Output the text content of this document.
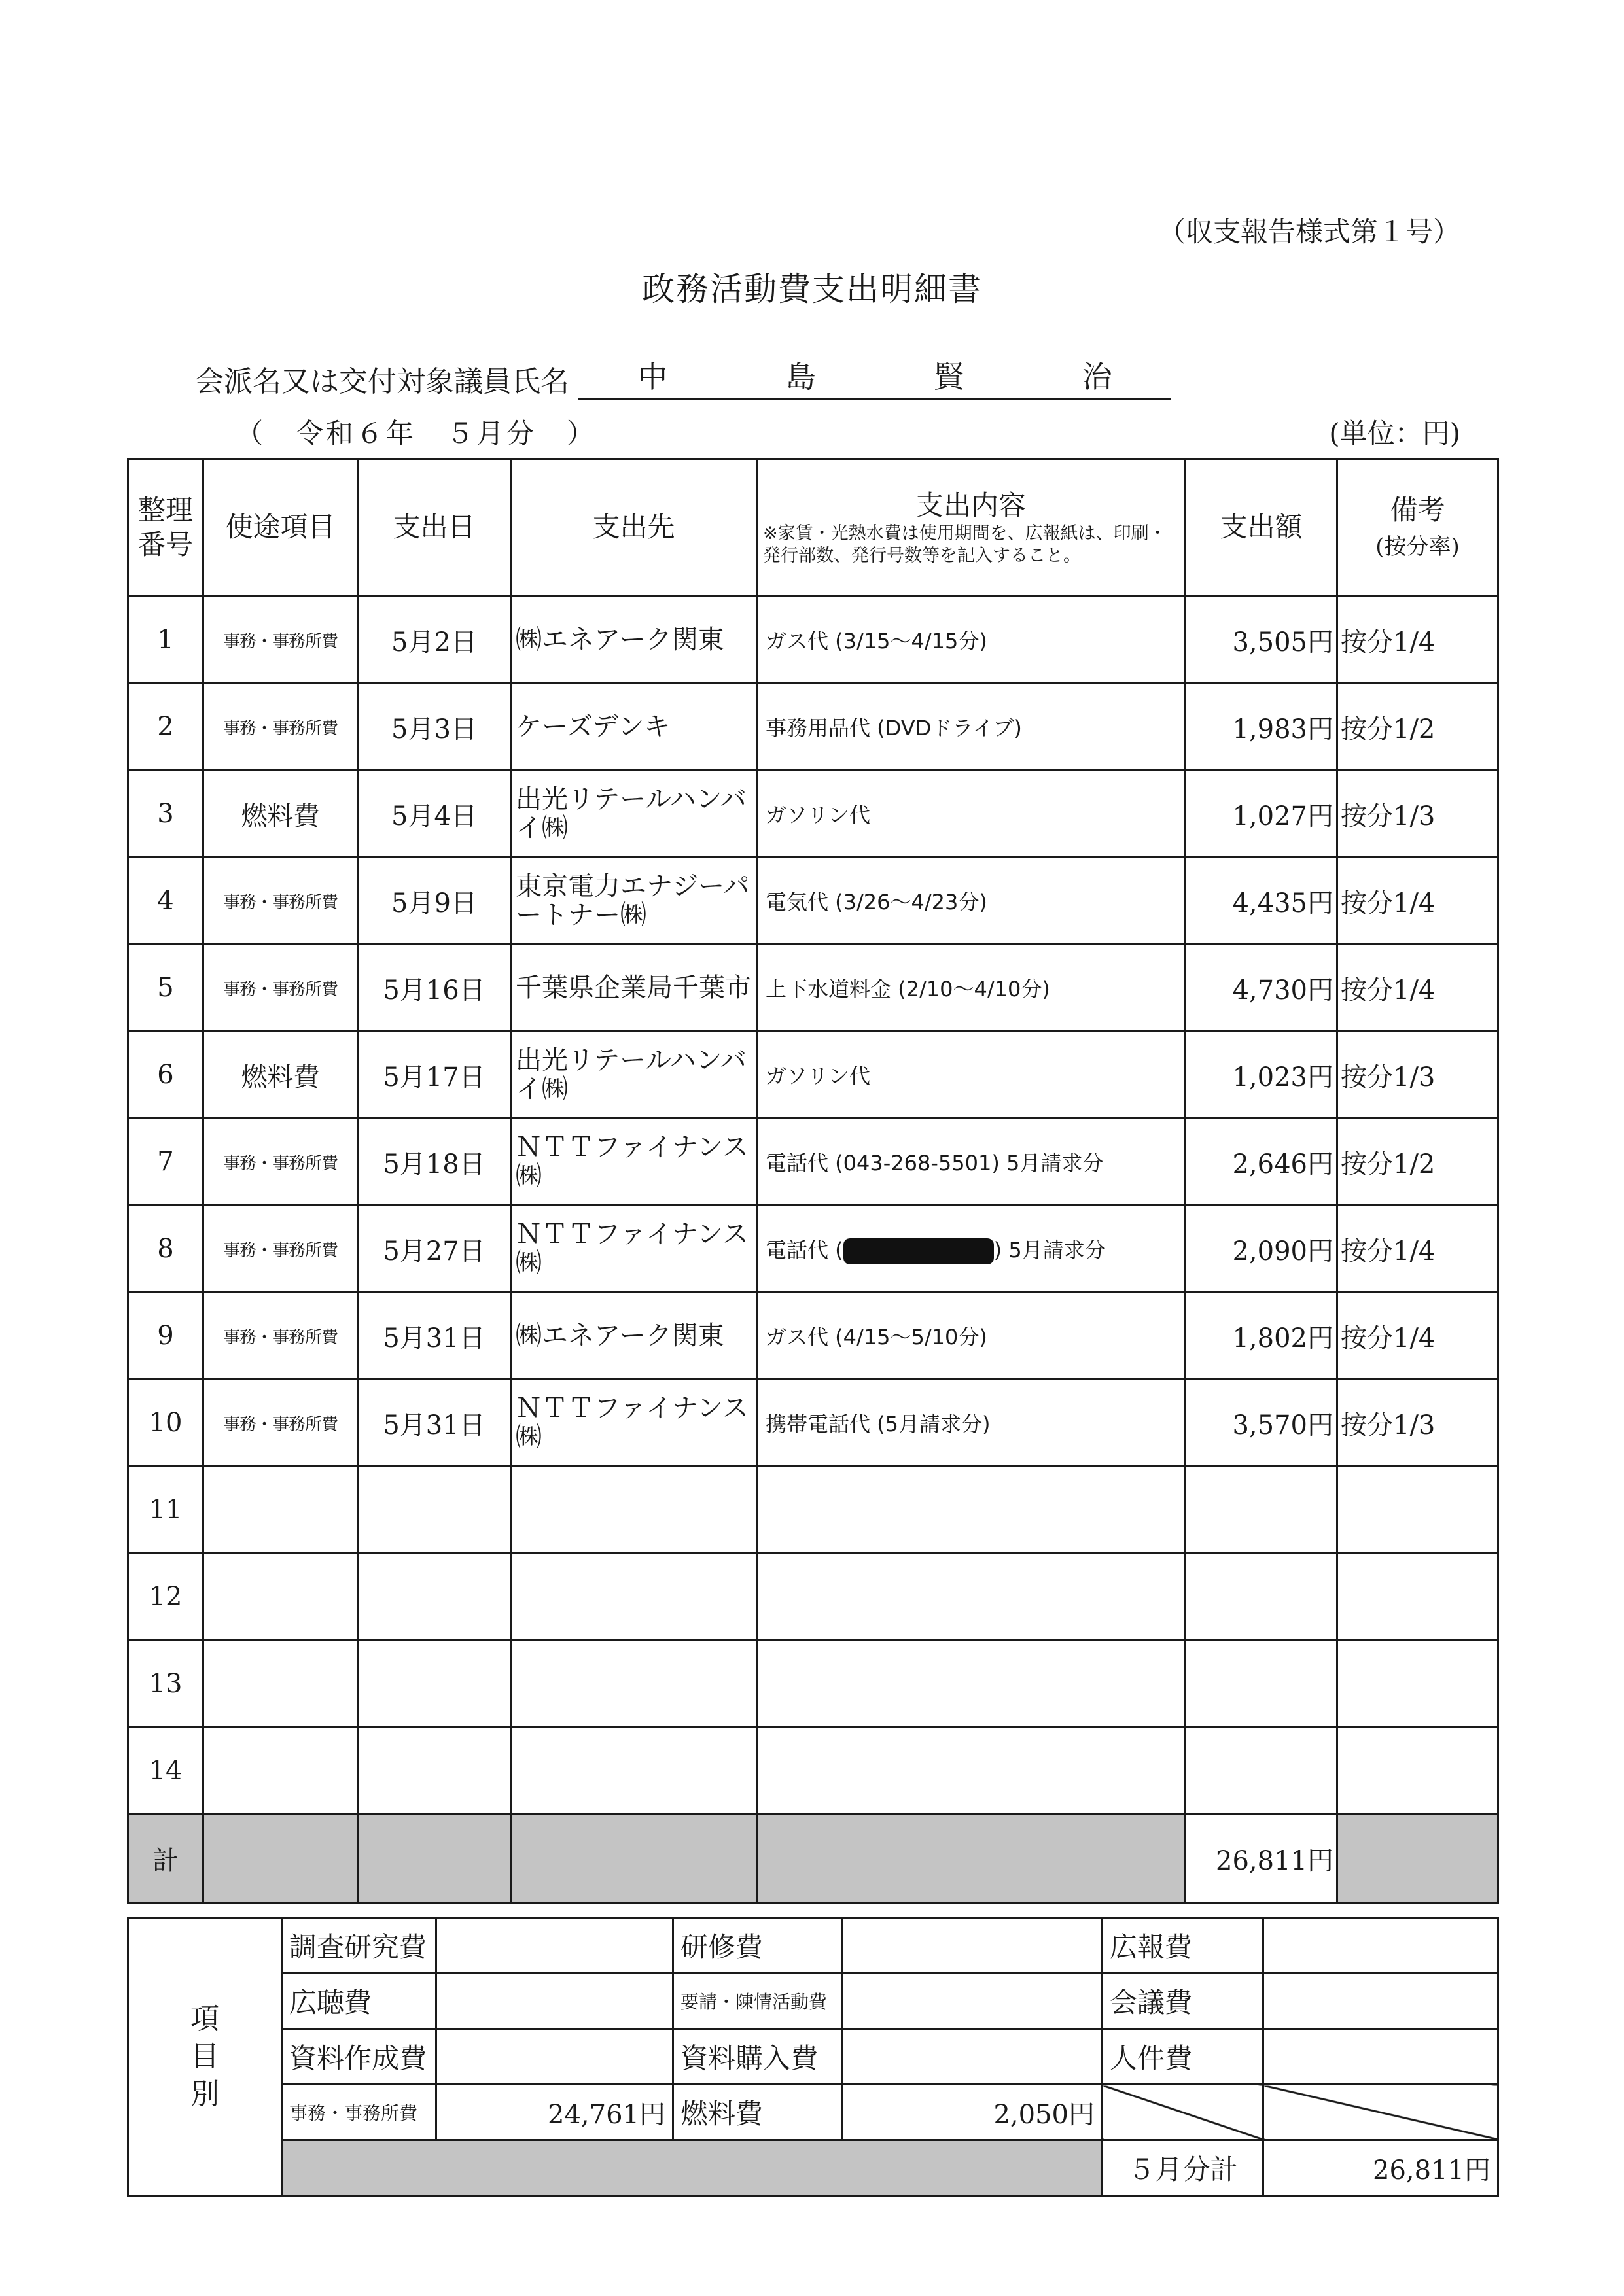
（収支報告様式第１号）
政務活動費支出明細書
会派名又は交付対象議員氏名 中	島	賢	治
（　令和６年　５月分　）	(単位：円)
整理
番号	使途項目	支出日	支出先	支出内容
※家賃・光熱水費は使用期間を、広報紙は、印刷・発行部数、発行号数等を記入すること。	支出額	備考
(按分率)
1	事務・事務所費	5月2日	㈱エネアーク関東	ガス代 (3/15～4/15分)	3,505円	按分1/4
2	事務・事務所費	5月3日	ケーズデンキ	事務用品代 (DVDドライブ)	1,983円	按分1/2
3	燃料費	5月4日	出光リテールハンバイ㈱	ガソリン代	1,027円	按分1/3
4	事務・事務所費	5月9日	東京電力エナジーパートナー㈱	電気代 (3/26～4/23分)	4,435円	按分1/4
5	事務・事務所費	5月16日	千葉県企業局千葉市	上下水道料金 (2/10～4/10分)	4,730円	按分1/4
6	燃料費	5月17日	出光リテールハンバイ㈱	ガソリン代	1,023円	按分1/3
7	事務・事務所費	5月18日	ＮＴＴファイナンス㈱	電話代 (043-268-5501) 5月請求分	2,646円	按分1/2
8	事務・事務所費	5月27日	ＮＴＴファイナンス㈱	電話代 ( ) 5月請求分	2,090円	按分1/4
9	事務・事務所費	5月31日	㈱エネアーク関東	ガス代 (4/15～5/10分)	1,802円	按分1/4
10	事務・事務所費	5月31日	ＮＴＴファイナンス㈱	携帯電話代 (5月請求分)	3,570円	按分1/3
11						
12						
13						
14						
計					26,811円	
項
目
別	調査研究費		研修費		広報費	
	広聴費		要請・陳情活動費		会議費	
	資料作成費		資料購入費		人件費	
	事務・事務所費	24,761円	燃料費	2,050円		
					５月分計	26,811円
